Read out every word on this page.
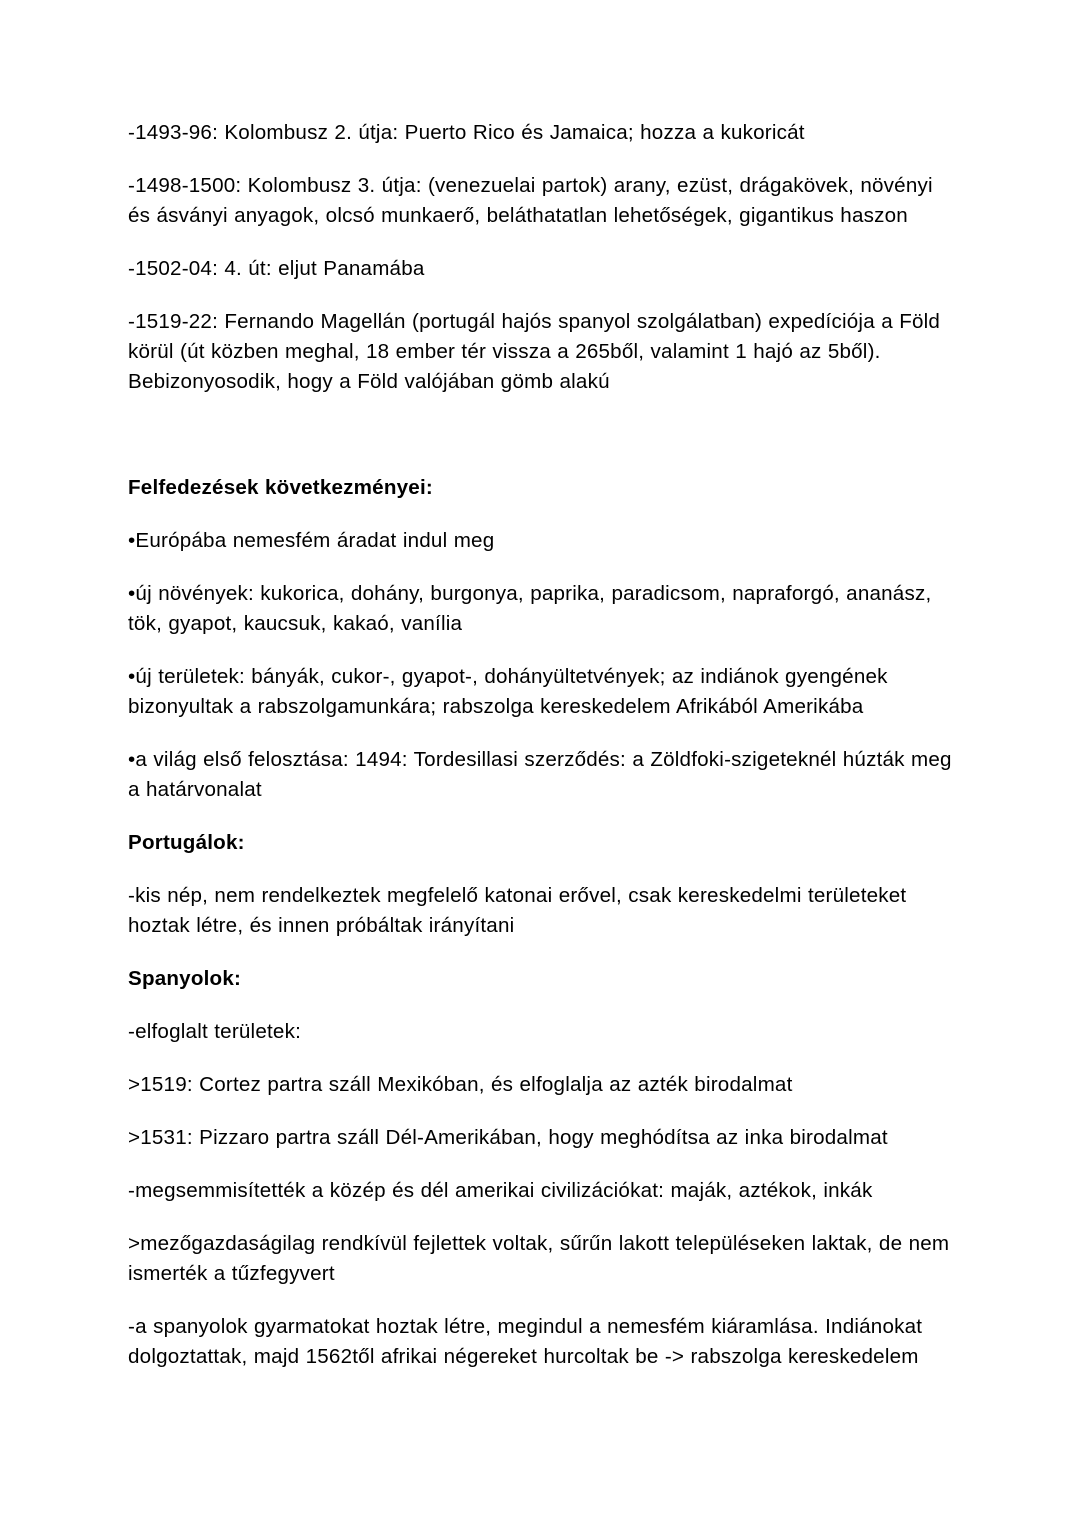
-1493-96: Kolombusz 2. útja: Puerto Rico és Jamaica; hozza a kukoricát

-1498-1500: Kolombusz 3. útja: (venezuelai partok) arany, ezüst, drágakövek, növényi és ásványi anyagok, olcsó munkaerő, beláthatatlan lehetőségek, gigantikus haszon

-1502-04: 4. út: eljut Panamába

-1519-22: Fernando Magellán (portugál hajós spanyol szolgálatban) expedíciója a Föld körül (út közben meghal, 18 ember tér vissza a 265ből, valamint 1 hajó az 5ből). Bebizonyosodik, hogy a Föld valójában gömb alakú

Felfedezések következményei:

•Európába nemesfém áradat indul meg

•új növények: kukorica, dohány, burgonya, paprika, paradicsom, napraforgó, ananász, tök, gyapot, kaucsuk, kakaó, vanília

•új területek: bányák, cukor-, gyapot-, dohányültetvények; az indiánok gyengének bizonyultak a rabszolgamunkára; rabszolga kereskedelem Afrikából Amerikába

•a világ első felosztása: 1494: Tordesillasi szerződés: a Zöldfoki-szigeteknél húzták meg a határvonalat

Portugálok:

-kis nép, nem rendelkeztek megfelelő katonai erővel, csak kereskedelmi területeket hoztak létre, és innen próbáltak irányítani

Spanyolok:

-elfoglalt területek:

>1519: Cortez partra száll Mexikóban, és elfoglalja az azték birodalmat

>1531: Pizzaro partra száll Dél-Amerikában, hogy meghódítsa az inka birodalmat

-megsemmisítették a közép és dél amerikai civilizációkat: maják, aztékok, inkák

>mezőgazdaságilag rendkívül fejlettek voltak, sűrűn lakott településeken laktak, de nem ismerték a tűzfegyvert

-a spanyolok gyarmatokat hoztak létre, megindul a nemesfém kiáramlása. Indiánokat dolgoztattak, majd 1562től afrikai négereket hurcoltak be -> rabszolga kereskedelem
